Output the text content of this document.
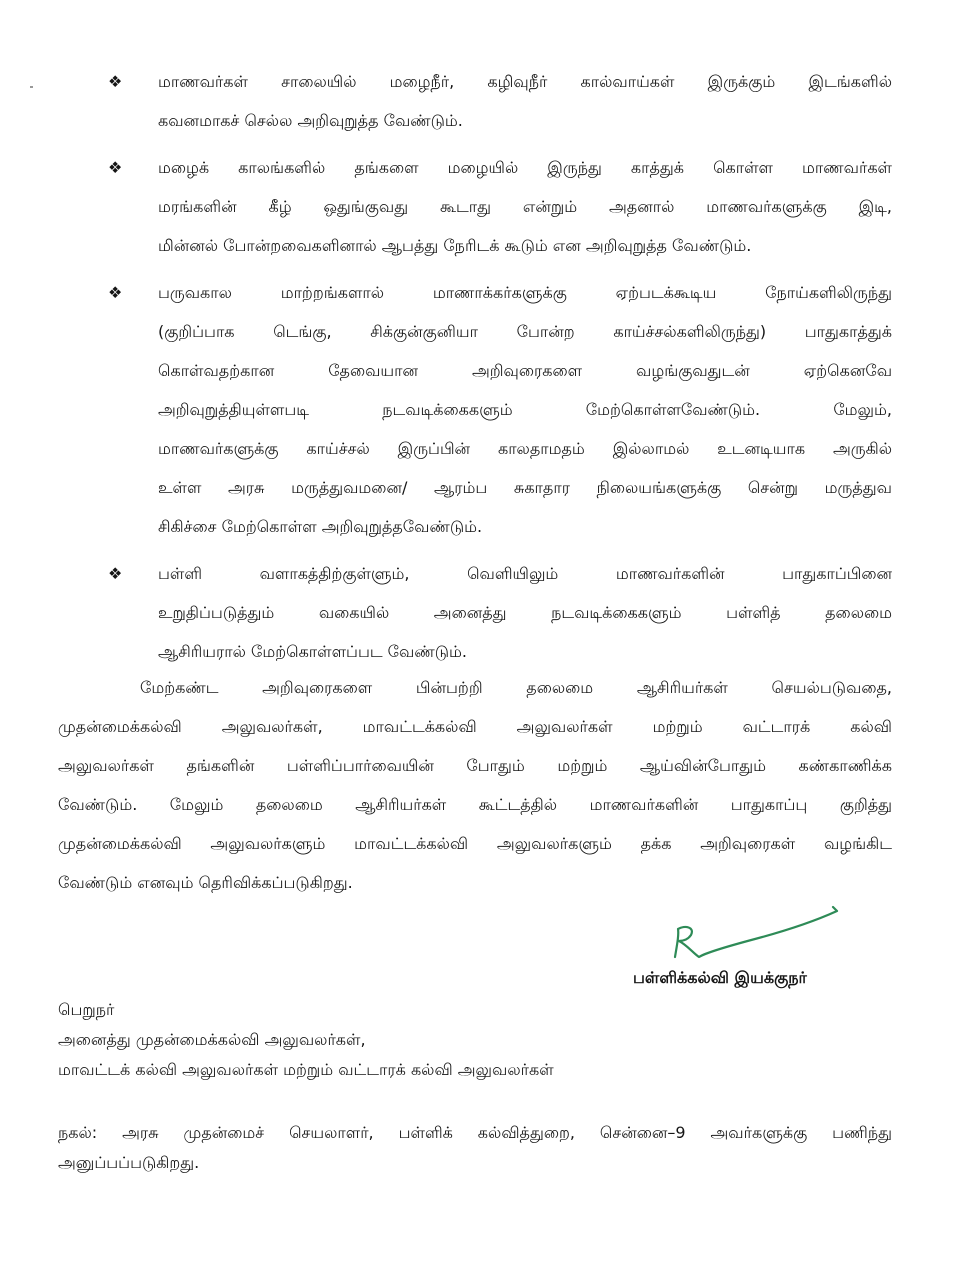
❖ மாணவர்கள் சாலையில் மழைநீர், கழிவுநீர் கால்வாய்கள் இருக்கும் இடங்களில்
கவனமாகச் செல்ல அறிவுறுத்த வேண்டும்.
❖ மழைக் காலங்களில் தங்களை மழையில் இருந்து காத்துக் கொள்ள மாணவர்கள்
மரங்களின் கீழ் ஒதுங்குவது கூடாது என்றும் அதனால் மாணவர்களுக்கு இடி,
மின்னல் போன்றவைகளினால் ஆபத்து நேரிடக் கூடும் என அறிவுறுத்த வேண்டும்.
❖ பருவகால மாற்றங்களால் மாணாக்கர்களுக்கு ஏற்படக்கூடிய நோய்களிலிருந்து
(குறிப்பாக டெங்கு, சிக்குன்குனியா போன்ற காய்ச்சல்களிலிருந்து) பாதுகாத்துக்
கொள்வதற்கான தேவையான அறிவுரைகளை வழங்குவதுடன் ஏற்கெனவே
அறிவுறுத்தியுள்ளபடி நடவடிக்கைகளும் மேற்கொள்ளவேண்டும். மேலும்,
மாணவர்களுக்கு காய்ச்சல் இருப்பின் காலதாமதம் இல்லாமல் உடனடியாக அருகில்
உள்ள அரசு மருத்துவமனை/ ஆரம்ப சுகாதார நிலையங்களுக்கு சென்று மருத்துவ
சிகிச்சை மேற்கொள்ள அறிவுறுத்தவேண்டும்.
❖ பள்ளி வளாகத்திற்குள்ளும், வெளியிலும் மாணவர்களின் பாதுகாப்பினை
உறுதிப்படுத்தும் வகையில் அனைத்து நடவடிக்கைகளும் பள்ளித் தலைமை
ஆசிரியரால் மேற்கொள்ளப்பட வேண்டும்.
மேற்கண்ட அறிவுரைகளை பின்பற்றி தலைமை ஆசிரியர்கள் செயல்படுவதை,
முதன்மைக்கல்வி அலுவலர்கள், மாவட்டக்கல்வி அலுவலர்கள் மற்றும் வட்டாரக் கல்வி
அலுவலர்கள் தங்களின் பள்ளிப்பார்வையின் போதும் மற்றும் ஆய்வின்போதும் கண்காணிக்க
வேண்டும். மேலும் தலைமை ஆசிரியர்கள் கூட்டத்தில் மாணவர்களின் பாதுகாப்பு குறித்து
முதன்மைக்கல்வி அலுவலர்களும் மாவட்டக்கல்வி அலுவலர்களும் தக்க அறிவுரைகள் வழங்கிட
வேண்டும் எனவும் தெரிவிக்கப்படுகிறது.
பள்ளிக்கல்வி இயக்குநர்
பெறுநர்
அனைத்து முதன்மைக்கல்வி அலுவலர்கள்,
மாவட்டக் கல்வி அலுவலர்கள் மற்றும் வட்டாரக் கல்வி அலுவலர்கள்
நகல்: அரசு முதன்மைச் செயலாளர், பள்ளிக் கல்வித்துறை, சென்னை–9 அவர்களுக்கு பணிந்து
அனுப்பப்படுகிறது.
